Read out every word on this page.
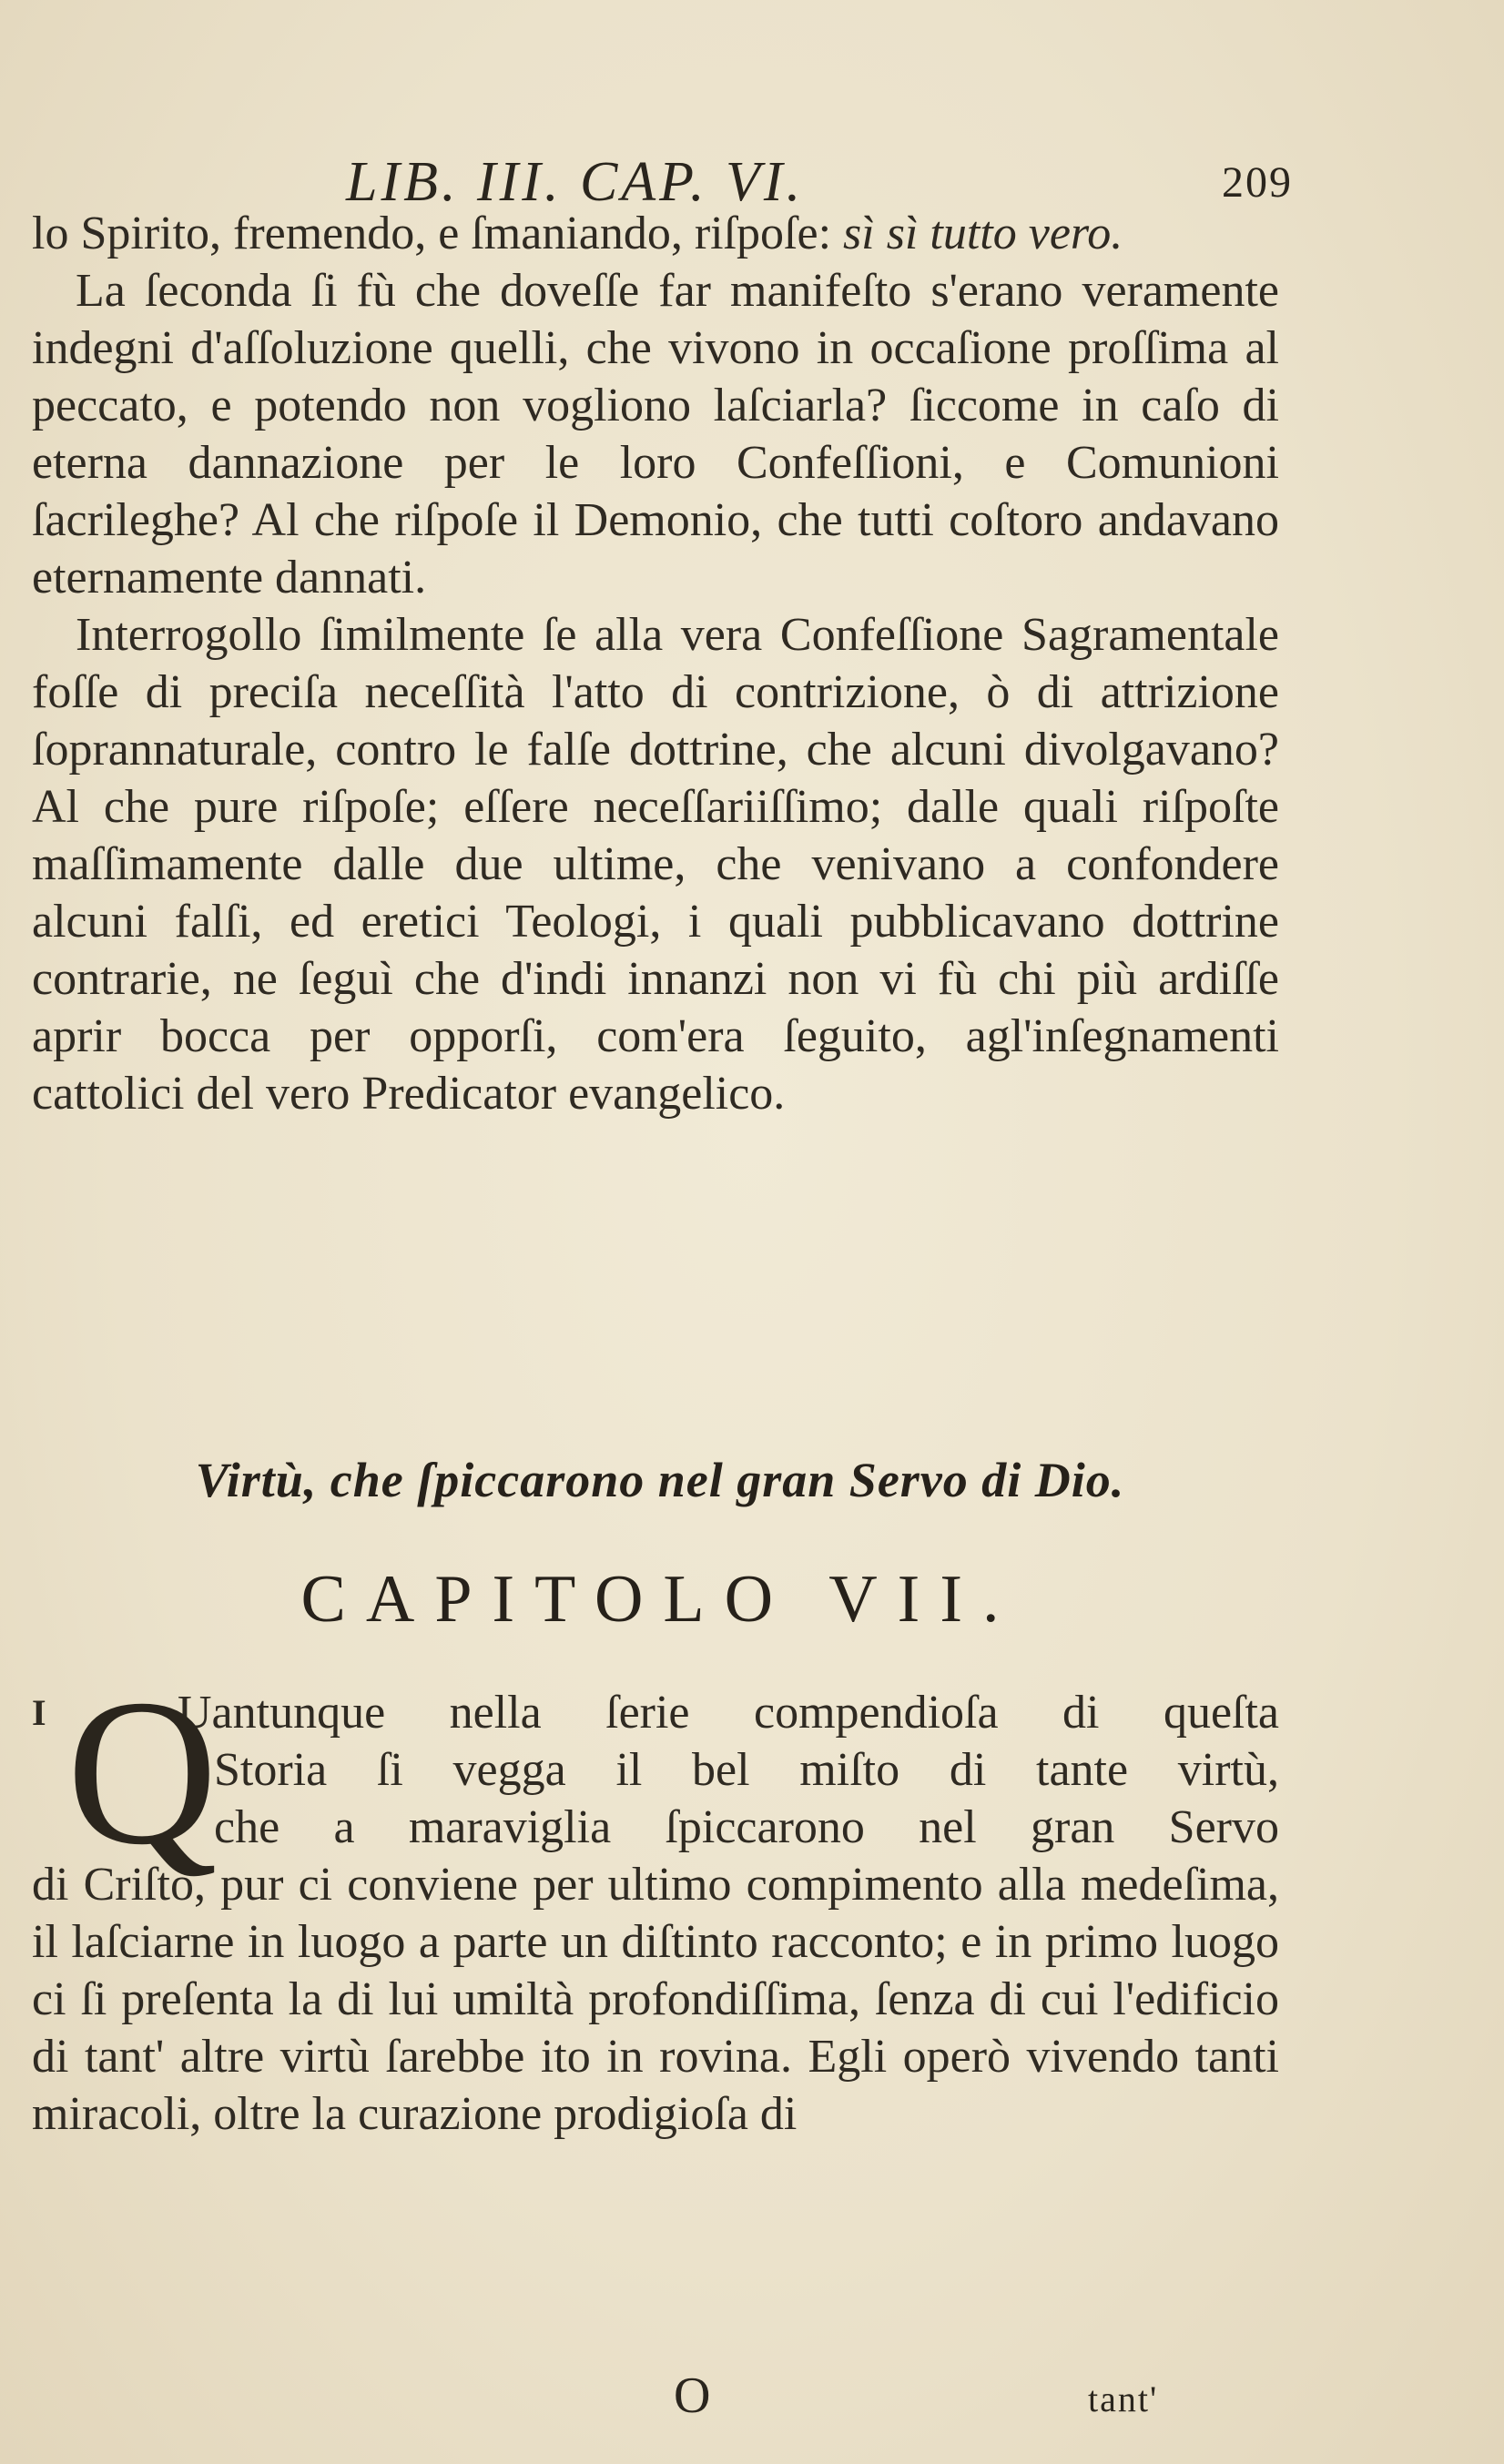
LIB. III. CAP. VI.	209

lo Spirito, fremendo, e ſmaniando, riſpoſe: sì sì tutto vero.

La ſeconda ſi fù che doveſſe far manifeſto s'erano veramente indegni d'aſſoluzione quelli, che vivono in occaſione proſſima al peccato, e potendo non vogliono laſciarla? ſiccome in caſo di eterna dannazione per le loro Confeſſioni, e Comunioni ſacrileghe? Al che riſpoſe il Demonio, che tutti coſtoro andavano eternamente dannati.

Interrogollo ſimilmente ſe alla vera Confeſſione Sagramentale foſſe di preciſa neceſſità l'atto di contrizione, ò di attrizione ſoprannaturale, contro le falſe dottrine, che alcuni divolgavano? Al che pure riſpoſe; eſſere neceſſariiſſimo; dalle quali riſpoſte maſſimamente dalle due ultime, che venivano a confondere alcuni falſi, ed eretici Teologi, i quali pubblicavano dottrine contrarie, ne ſeguì che d'indi innanzi non vi fù chi più ardiſſe aprir bocca per opporſi, com'era ſeguito, agl'inſegnamenti cattolici del vero Predicator evangelico.

Virtù, che ſpiccarono nel gran Servo di Dio.
CAPITOLO VII.
I Q
Uantunque nella ſerie compendioſa di queſta
Storia ſi vegga il bel miſto di tante virtù,
che a maraviglia ſpiccarono nel gran Servo
di Criſto, pur ci conviene per ultimo compimento alla medeſima, il laſciarne in luogo a parte un diſtinto racconto; e in primo luogo ci ſi preſenta la di lui umiltà profondiſſima, ſenza di cui l'edificio di tant' altre virtù ſarebbe ito in rovina. Egli operò vivendo tanti miracoli, oltre la curazione prodigioſa di
O	tant'
